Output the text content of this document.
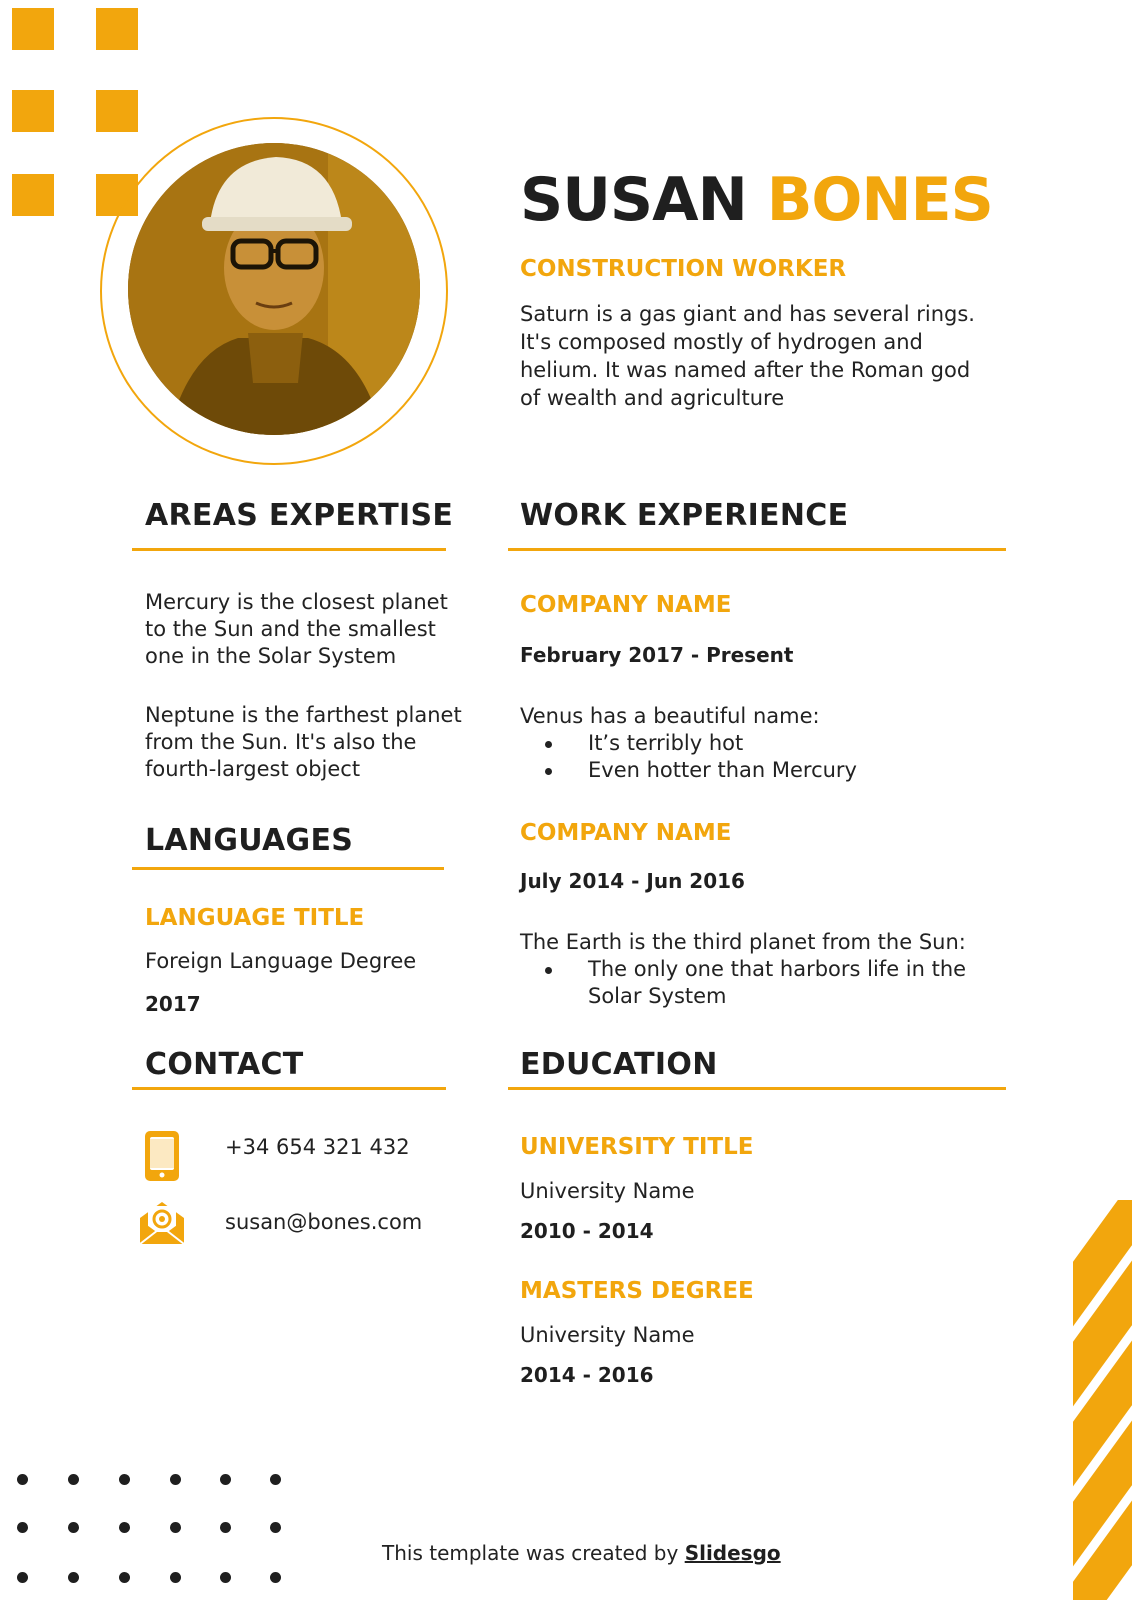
SUSAN BONES
CONSTRUCTION WORKER
Saturn is a gas giant and has several rings. It's composed mostly of hydrogen and helium. It was named after the Roman god of wealth and agriculture
AREAS EXPERTISE
Mercury is the closest planet to the Sun and the smallest one in the Solar System
Neptune is the farthest planet from the Sun. It's also the fourth-largest object
WORK EXPERIENCE
COMPANY NAME
February 2017 - Present
Venus has a beautiful name:
It’s terribly hot
Even hotter than Mercury
COMPANY NAME
July 2014 - Jun 2016
The Earth is the third planet from the Sun:
The only one that harbors life in the Solar System
LANGUAGES
LANGUAGE TITLE
Foreign Language Degree
2017
CONTACT
+34 654 321 432
susan@bones.com
EDUCATION
UNIVERSITY TITLE
University Name
2010 - 2014
MASTERS DEGREE
University Name
2014 - 2016
This template was created by Slidesgo
